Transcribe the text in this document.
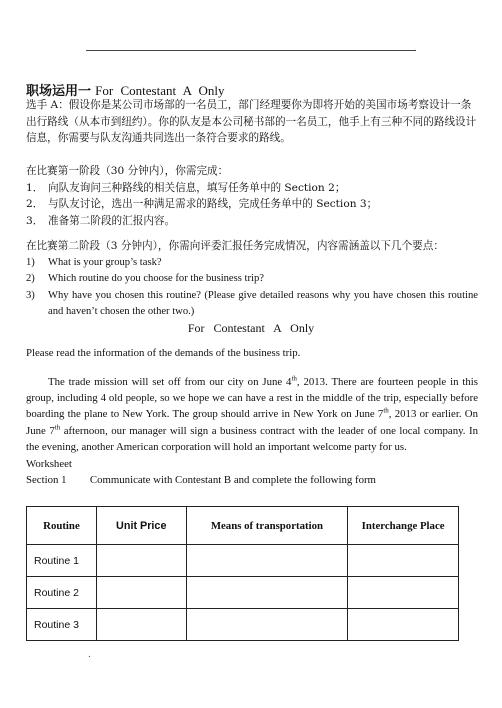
.
职场运用一 For Contestant A Only
选手 A：假设你是某公司市场部的一名员工，部门经理要你为即将开始的美国市场考察设计一条出行路线（从本市到纽约）。你的队友是本公司秘书部的一名员工，他手上有三种不同的路线设计信息，你需要与队友沟通共同选出一条符合要求的路线。
在比赛第一阶段（30 分钟内），你需完成：
1． 向队友询问三种路线的相关信息，填写任务单中的 Section 2；
2． 与队友讨论，选出一种满足需求的路线，完成任务单中的 Section 3；
3． 准备第二阶段的汇报内容。
在比赛第二阶段（3 分钟内），你需向评委汇报任务完成情况，内容需涵盖以下几个要点：
1) What is your group’s task?
2) Which routine do you choose for the business trip?
3) Why have you chosen this routine? (Please give detailed reasons why you have chosen this routine and haven’t chosen the other two.)
For Contestant A Only
Please read the information of the demands of the business trip.
The trade mission will set off from our city on June 4th, 2013. There are fourteen people in this group, including 4 old people, so we hope we can have a rest in the middle of the trip, especially before boarding the plane to New York. The group should arrive in New York on June 7th, 2013 or earlier. On June 7th afternoon, our manager will sign a business contract with the leader of one local company. In the evening, another American corporation will hold an important welcome party for us.
Worksheet
Section 1 Communicate with Contestant B and complete the following form
Routine	Unit Price	Means of transportation	Interchange Place
Routine 1			
Routine 2			
Routine 3			
.
